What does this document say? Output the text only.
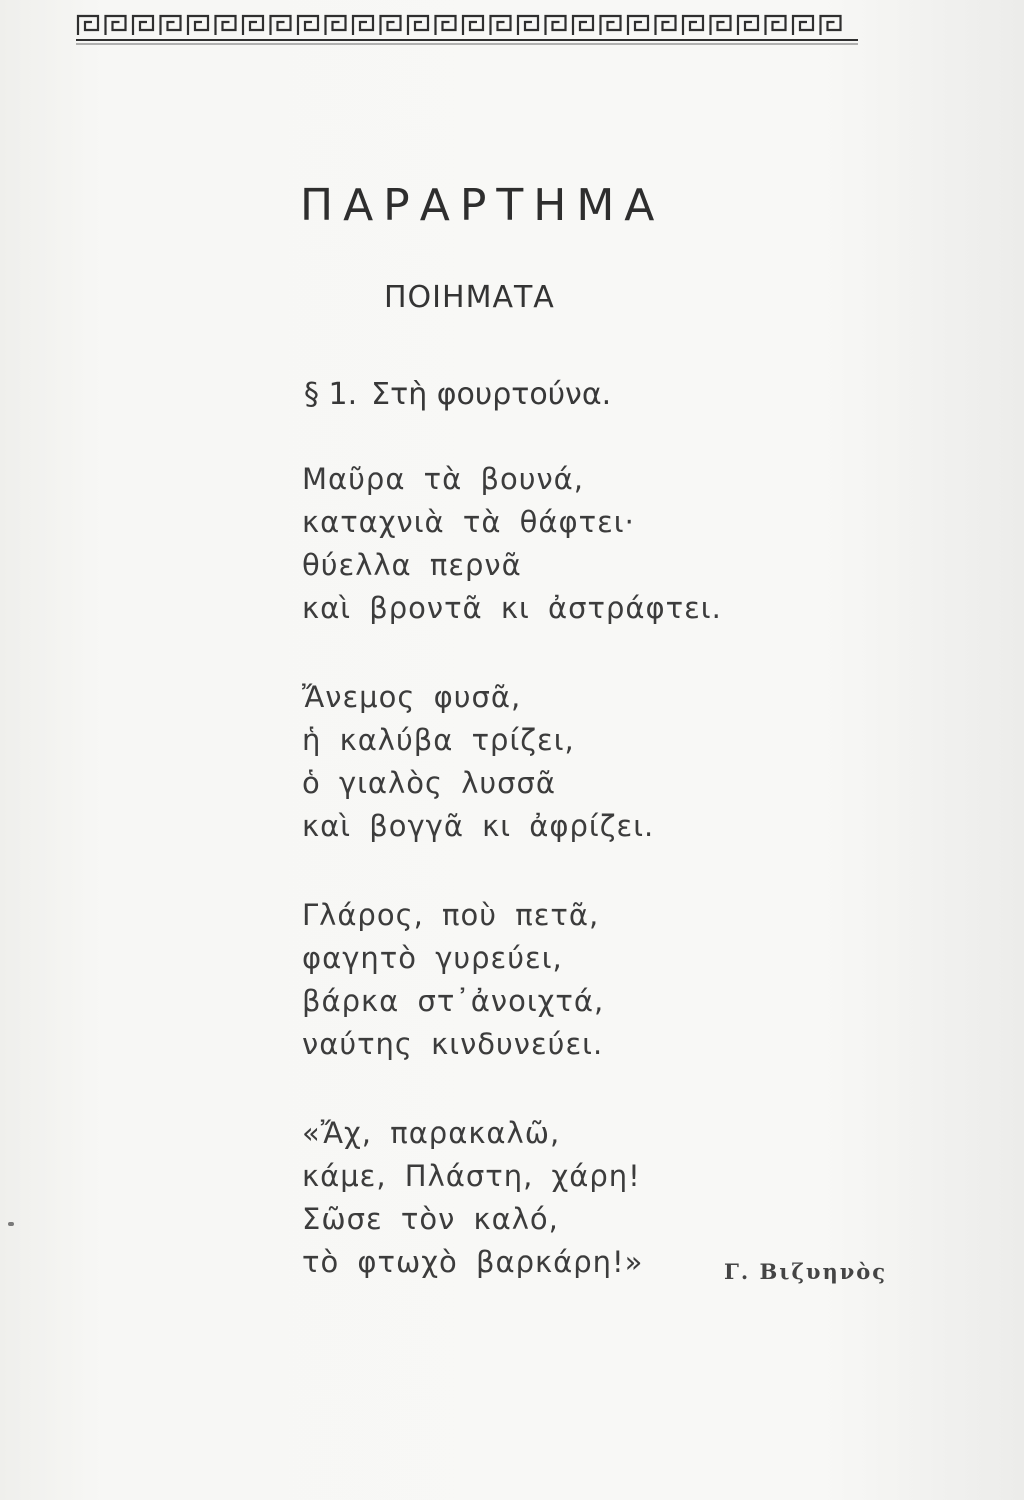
ΠΑΡΑΡΤΗΜΑ
ΠΟΙΗΜΑΤΑ
§ 1. Στὴ φουρτούνα.
Μαῦρα τὰ βουνά,
καταχνιὰ τὰ θάφτει·
θύελλα περνᾶ
καὶ βροντᾶ κι ἀστράφτει.
Ἄνεμος φυσᾶ,
ἡ καλύβα τρίζει,
ὁ γιαλὸς λυσσᾶ
καὶ βογγᾶ κι ἀφρίζει.
Γλάρος, ποὺ πετᾶ,
φαγητὸ γυρεύει,
βάρκα στ᾽ἀνοιχτά,
ναύτης κινδυνεύει.
«Ἄχ, παρακαλῶ,
κάμε, Πλάστη, χάρη!
Σῶσε τὸν καλό,
τὸ φτωχὸ βαρκάρη!»	Γ. Βιζυηνὸς
